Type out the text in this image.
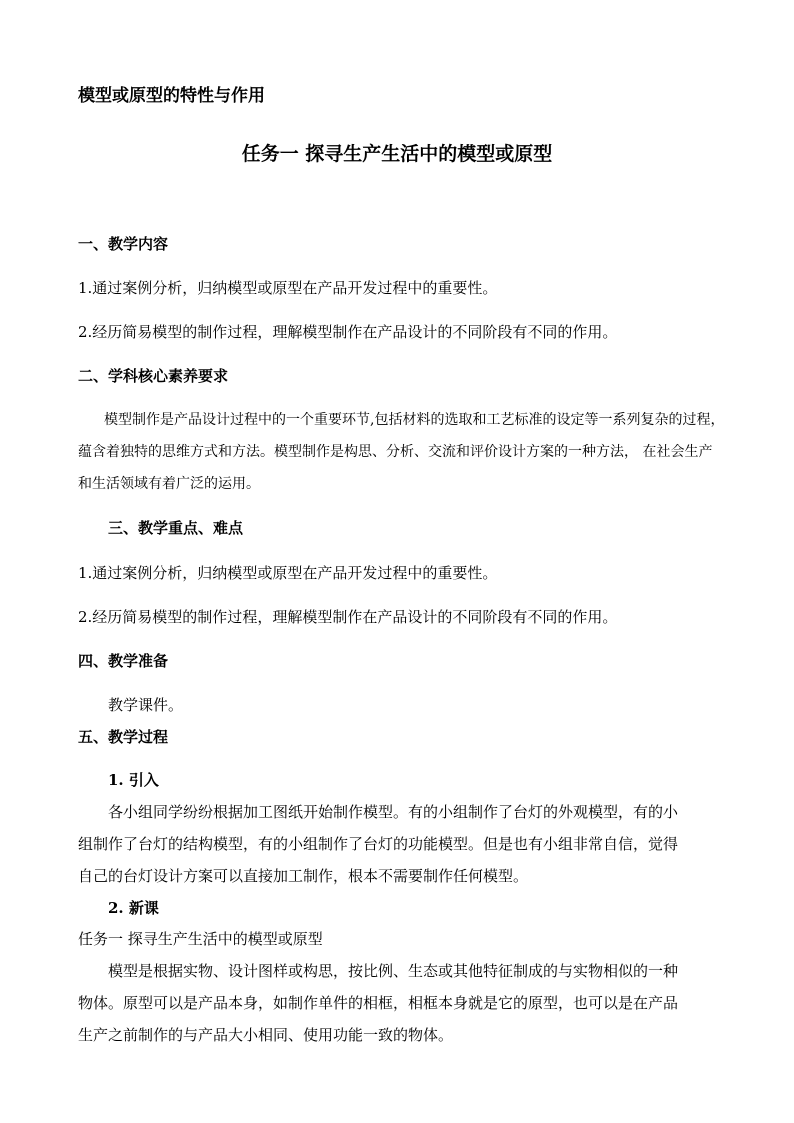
模型或原型的特性与作用
任务一 探寻生产生活中的模型或原型
一、教学内容
1.通过案例分析，归纳模型或原型在产品开发过程中的重要性。
2.经历简易模型的制作过程，理解模型制作在产品设计的不同阶段有不同的作用。
二、学科核心素养要求
模型制作是产品设计过程中的一个重要环节,包括材料的选取和工艺标准的设定等一系列复杂的过程，
蕴含着独特的思维方式和方法。模型制作是构思、分析、交流和评价设计方案的一种方法， 在社会生产
和生活领域有着广泛的运用。
三、教学重点、难点
1.通过案例分析，归纳模型或原型在产品开发过程中的重要性。
2.经历简易模型的制作过程，理解模型制作在产品设计的不同阶段有不同的作用。
四、教学准备
教学课件。
五、教学过程
1. 引入
各小组同学纷纷根据加工图纸开始制作模型。有的小组制作了台灯的外观模型，有的小
组制作了台灯的结构模型，有的小组制作了台灯的功能模型。但是也有小组非常自信，觉得
自己的台灯设计方案可以直接加工制作，根本不需要制作任何模型。
2. 新课
任务一 探寻生产生活中的模型或原型
模型是根据实物、设计图样或构思，按比例、生态或其他特征制成的与实物相似的一种
物体。原型可以是产品本身，如制作单件的相框，相框本身就是它的原型，也可以是在产品
生产之前制作的与产品大小相同、使用功能一致的物体。
